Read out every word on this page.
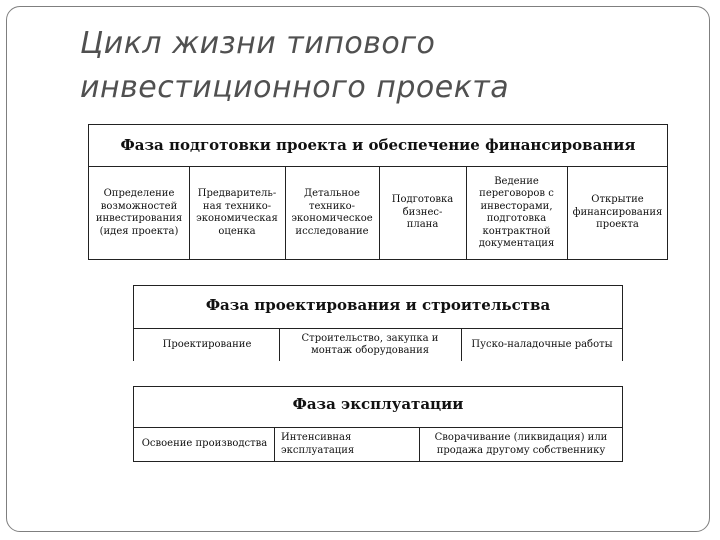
Цикл жизни типового
инвестиционного проекта
Фаза подготовки проекта и обеспечение финансирования
Определение возможностей инвестирования (идея проекта)
Предваритель-ная технико-экономическая оценка
Детальное технико-экономическое исследование
Подготовка бизнес-плана
Ведение переговоров с инвесторами, подготовка контрактной документация
Открытие финансирования проекта
Фаза проектирования и строительства
Проектирование
Строительство, закупка и монтаж оборудования
Пуско-наладочные работы
Фаза эксплуатации
Освоение производства
Интенсивная эксплуатация
Сворачивание (ликвидация) или продажа другому собственнику
